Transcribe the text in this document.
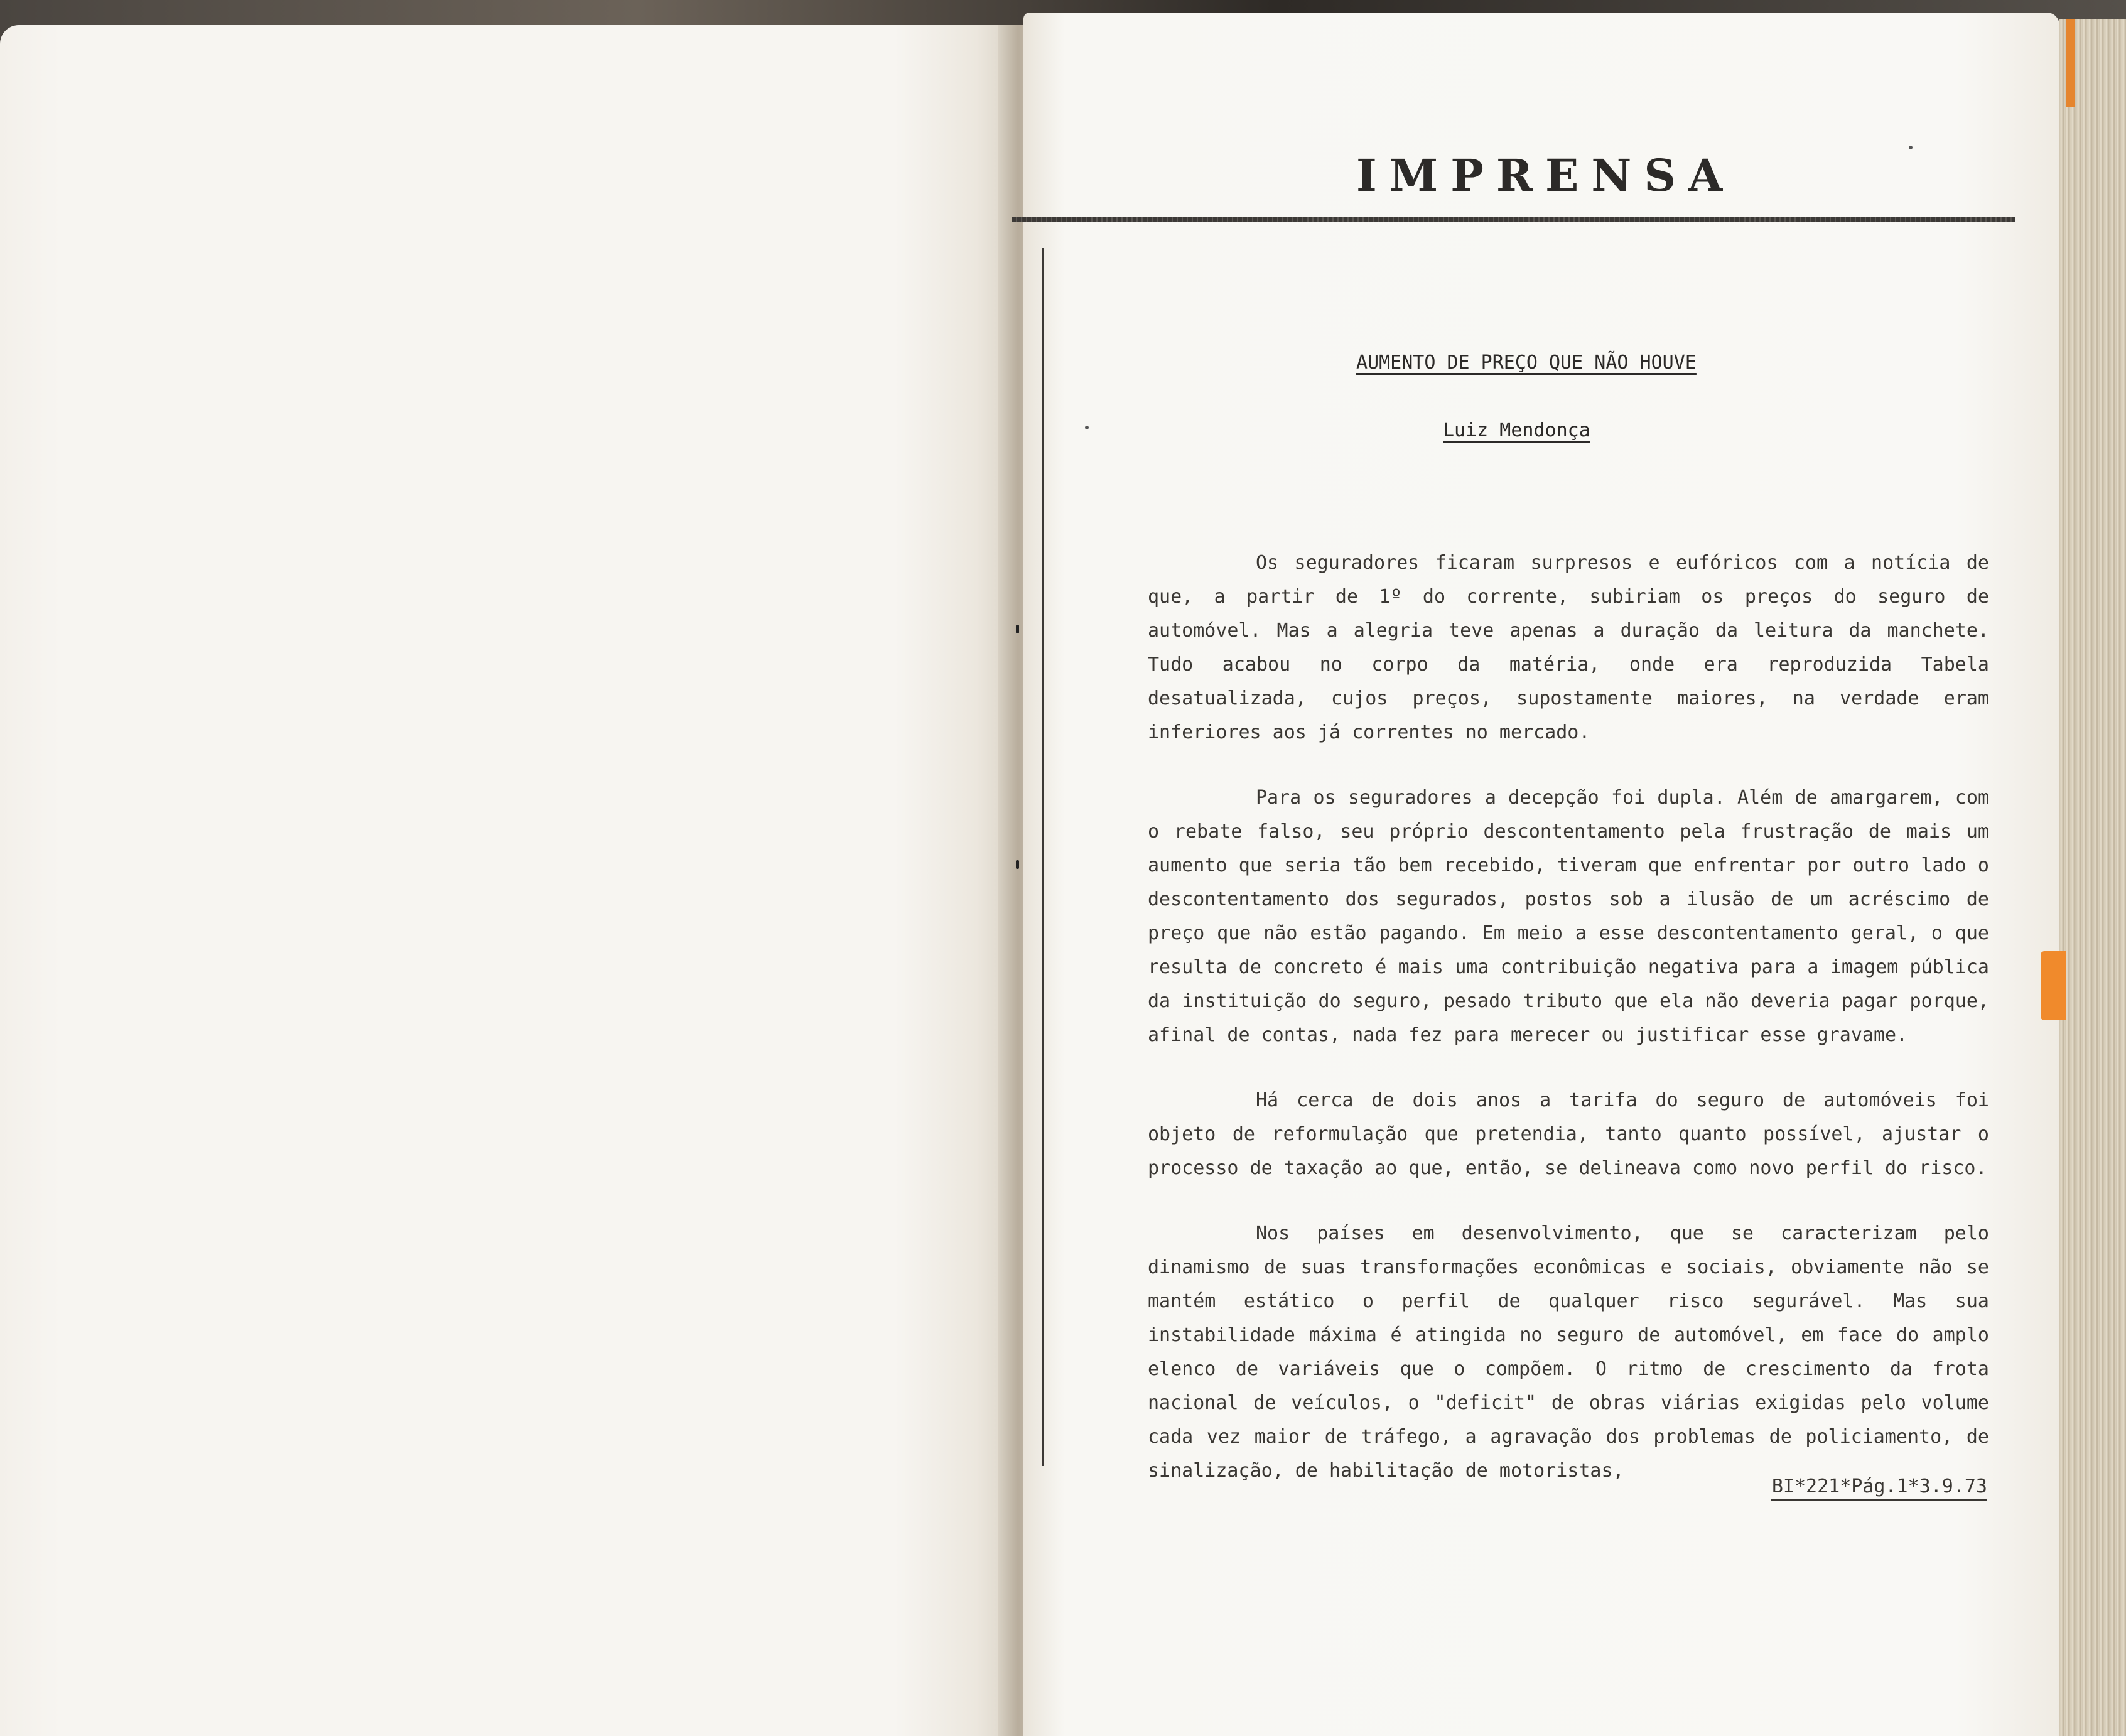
IMPRENSA
AUMENTO DE PREÇO QUE NÃO HOUVE
Luiz Mendonça

Os seguradores ficaram surpresos e eufóricos com a notícia de que, a partir de 1º do corrente, subiriam os preços do seguro de automóvel. Mas a alegria teve apenas a duração da leitura da manchete. Tudo acabou no corpo da matéria, onde era reproduzida Tabela desatualizada, cujos preços, supostamente maiores, na verdade eram inferiores aos já correntes no mercado.

Para os seguradores a decepção foi dupla. Além de amargarem, com o rebate falso, seu próprio descontentamento pela frustração de mais um aumento que seria tão bem recebido, tiveram que enfrentar por outro lado o descontentamento dos segurados, postos sob a ilusão de um acréscimo de preço que não estão pagando. Em meio a esse descontentamento geral, o que resulta de concreto é mais uma contribuição negativa para a imagem pública da instituição do seguro, pesado tributo que ela não deveria pagar porque, afinal de contas, nada fez para merecer ou justificar esse gravame.

Há cerca de dois anos a tarifa do seguro de automóveis foi objeto de reformulação que pretendia, tanto quanto possível, ajustar o processo de taxação ao que, então, se delineava como novo perfil do risco.

Nos países em desenvolvimento, que se caracterizam pelo dinamismo de suas transformações econômicas e sociais, obviamente não se mantém estático o perfil de qualquer risco segurável. Mas sua instabilidade máxima é atingida no seguro de automóvel, em face do amplo elenco de variáveis que o compõem. O ritmo de crescimento da frota nacional de veículos, o "deficit" de obras viárias exigidas pelo volume cada vez maior de tráfego, a agravação dos problemas de policiamento, de sinalização, de habilitação de motoristas,

BI*221*Pág.1*3.9.73
